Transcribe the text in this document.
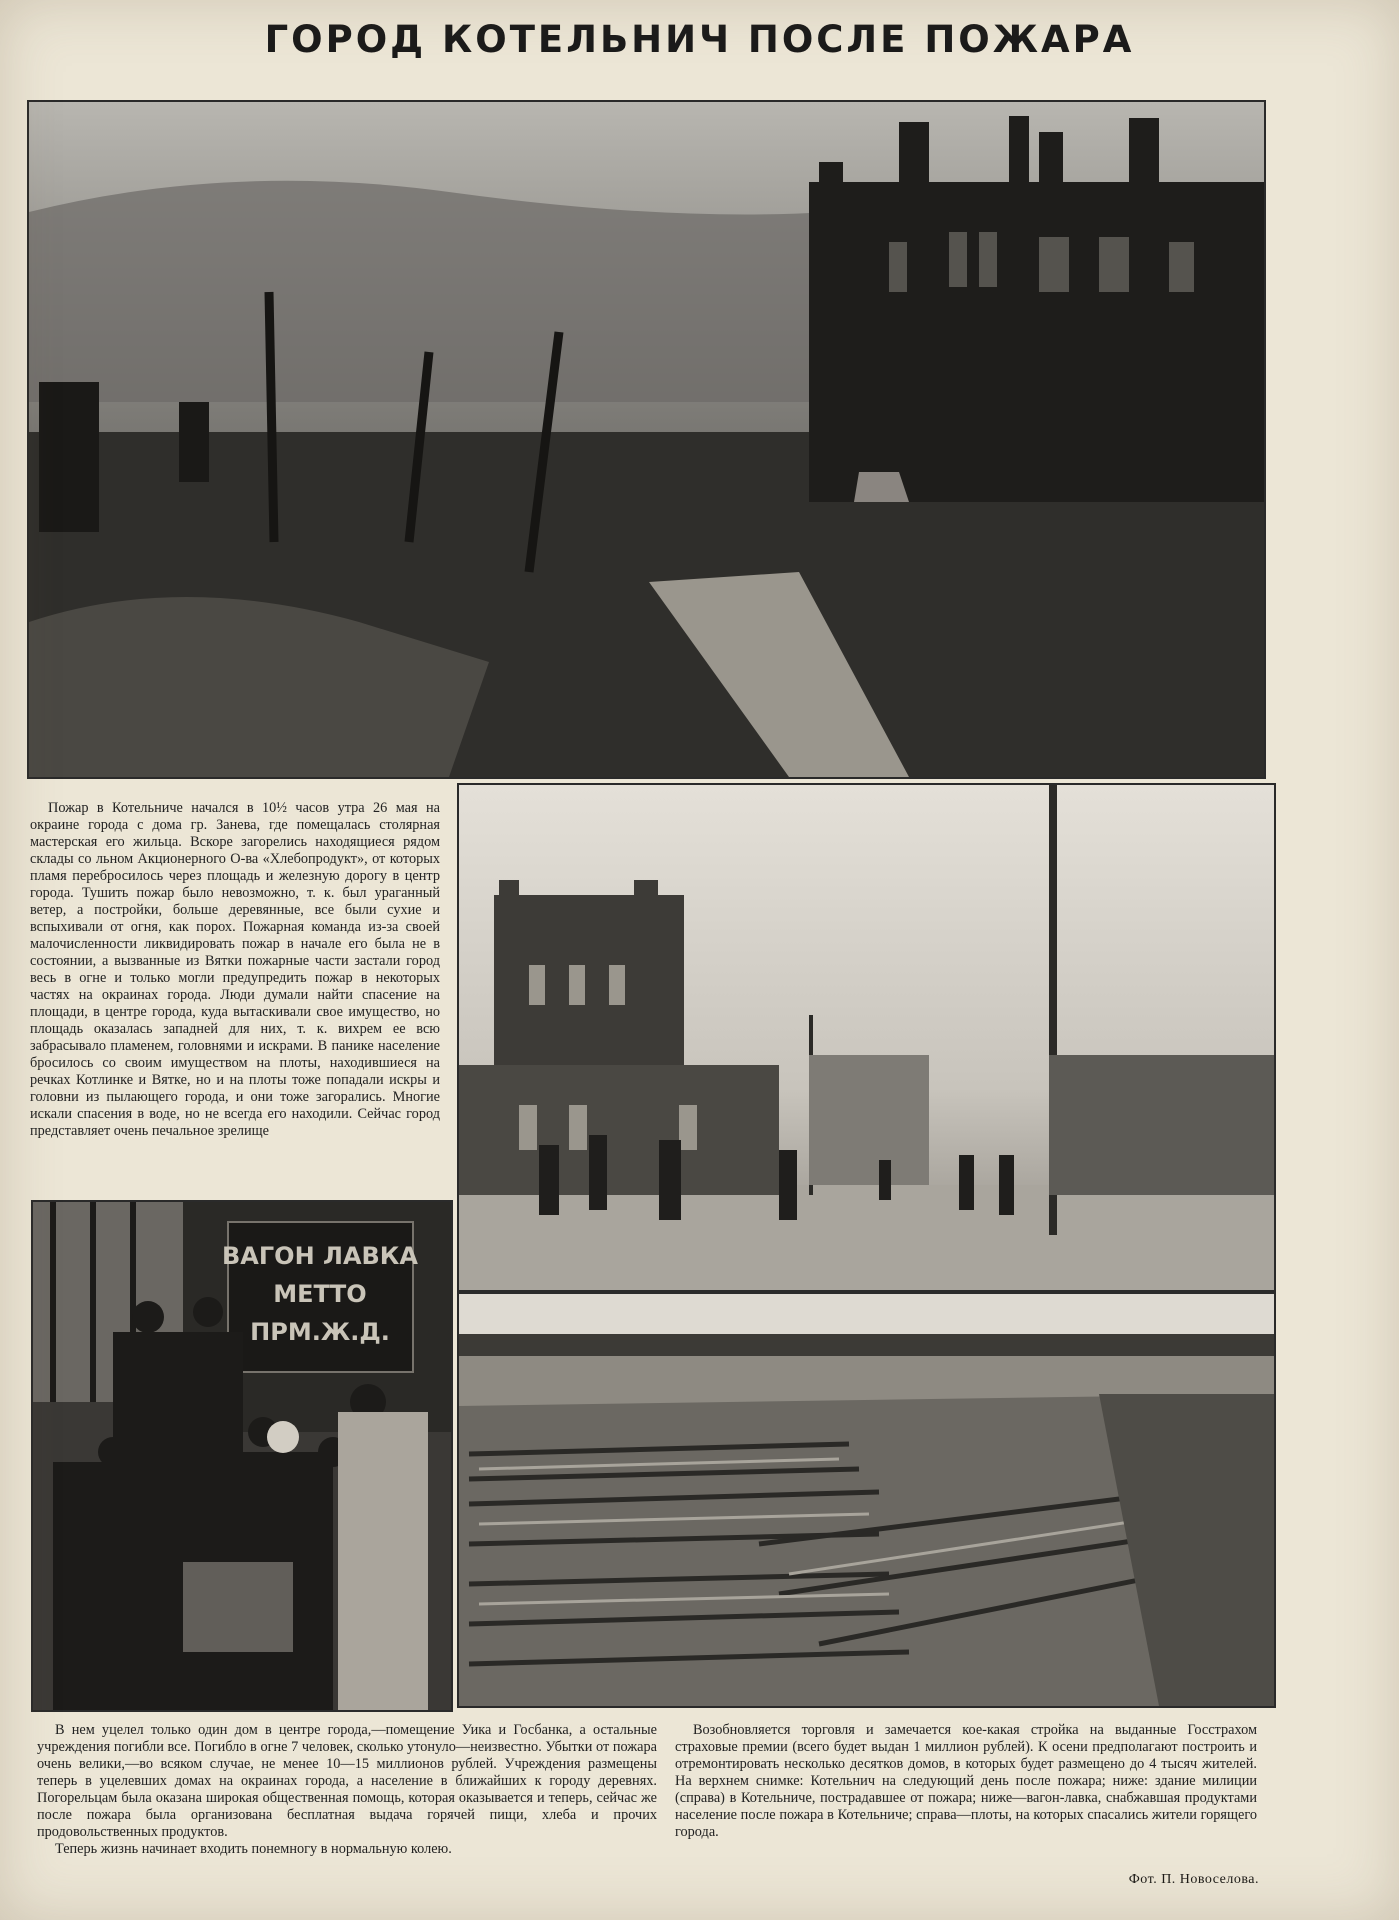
ГОРОД КОТЕЛЬНИЧ ПОСЛЕ ПОЖАРА

Пожар в Котельниче начался в 10½ часов утра 26 мая на окраине города с дома гр. Занева, где помещалась столярная мастерская его жильца. Вскоре загорелись находящиеся рядом склады со льном Акционерного О-ва «Хлебопродукт», от которых пламя перебросилось через площадь и железную дорогу в центр города. Тушить пожар было невозможно, т. к. был ураганный ветер, а постройки, больше деревянные, все были сухие и вспыхивали от огня, как порох. Пожарная команда из-за своей малочисленности ликвидировать пожар в начале его была не в состоянии, а вызванные из Вятки пожарные части застали город весь в огне и только могли предупредить пожар в некоторых частях на окраинах города. Люди думали найти спасение на площади, в центре города, куда вытаскивали свое имущество, но площадь оказалась западней для них, т. к. вихрем ее всю забрасывало пламенем, головнями и искрами. В панике население бросилось со своим имуществом на плоты, находившиеся на речках Котлинке и Вятке, но и на плоты тоже попадали искры и головни из пылающего города, и они тоже загорались. Многие искали спасения в воде, но не всегда его находили. Сейчас город представляет очень печальное зрелище

ВАГОН ЛАВКА
МЕТТО
ПРМ.Ж.Д.

В нем уцелел только один дом в центре города,—помещение Уика и Госбанка, а остальные учреждения погибли все. Погибло в огне 7 человек, сколько утонуло—неизвестно. Убытки от пожара очень велики,—во всяком случае, не менее 10—15 миллионов рублей. Учреждения размещены теперь в уцелевших домах на окраинах города, а население в ближайших к городу деревнях. Погорельцам была оказана широкая общественная помощь, которая оказывается и теперь, сейчас же после пожара была организована бесплатная выдача горячей пищи, хлеба и прочих продовольственных продуктов.

Теперь жизнь начинает входить понемногу в нормальную колею.

Возобновляется торговля и замечается кое-какая стройка на выданные Госстрахом страховые премии (всего будет выдан 1 миллион рублей). К осени предполагают построить и отремонтировать несколько десятков домов, в которых будет размещено до 4 тысяч жителей. На верхнем снимке: Котельнич на следующий день после пожара; ниже: здание милиции (справа) в Котельниче, пострадавшее от пожара; ниже—вагон-лавка, снабжавшая продуктами население после пожара в Котельниче; справа—плоты, на которых спасались жители горящего города.

Фот. П. Новоселова.
